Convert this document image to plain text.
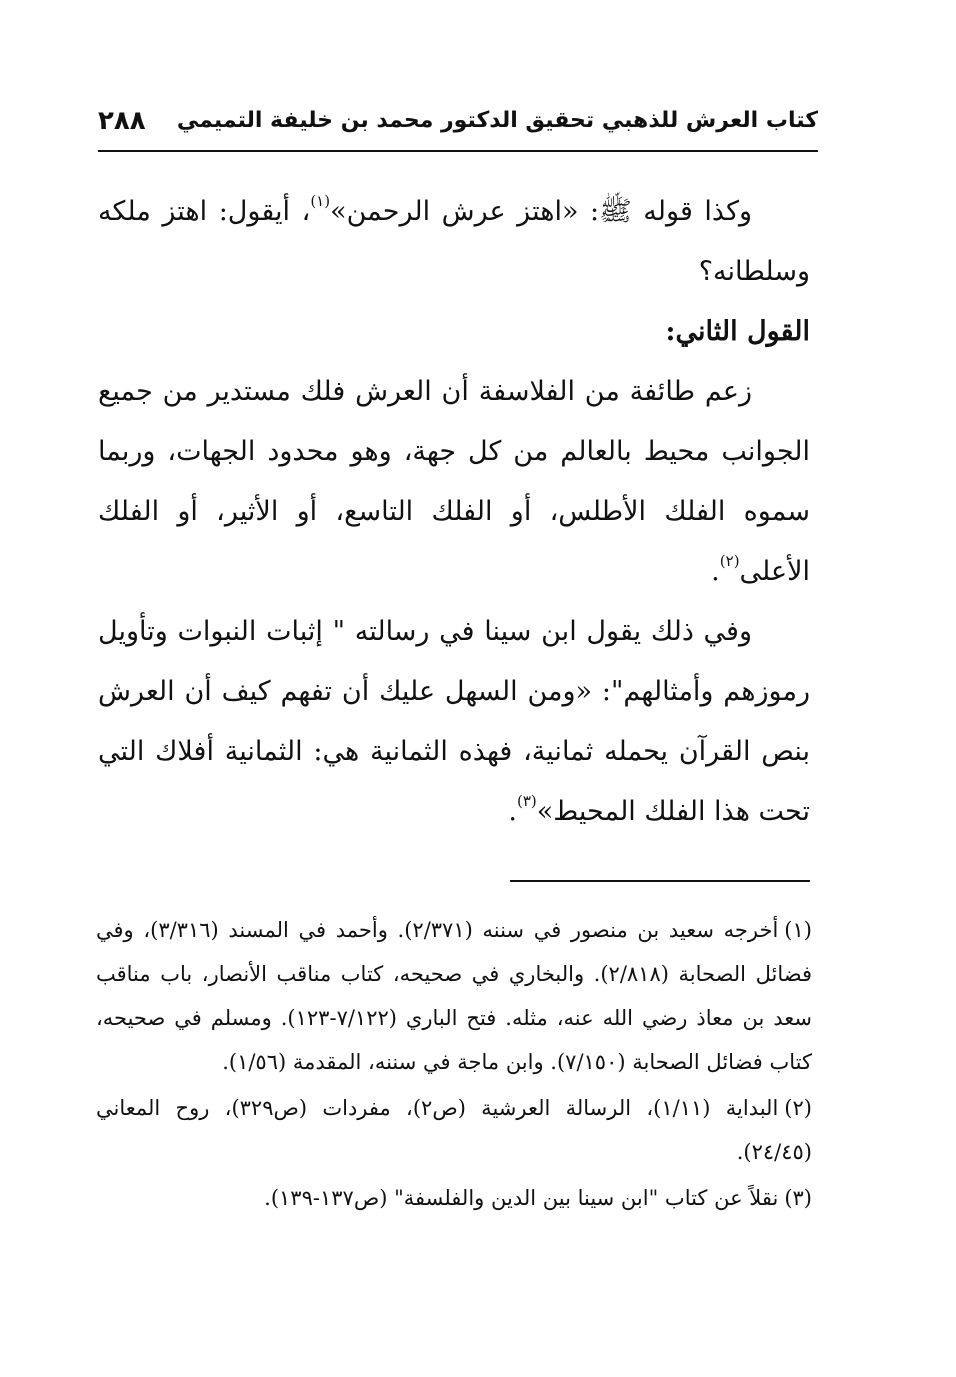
كتاب العرش للذهبي تحقيق الدكتور محمد بن خليفة التميمي
٢٨٨

وكذا قوله ﷺ: «اهتز عرش الرحمن»$^{(١)}$، أيقول: اهتز ملكه وسلطانه؟

القول الثاني:

زعم طائفة من الفلاسفة أن العرش فلك مستدير من جميع الجوانب محيط بالعالم من كل جهة، وهو محدود الجهات، وربما سموه الفلك الأطلس، أو الفلك التاسع، أو الأثير، أو الفلك الأعلى$^{(٢)}$.

وفي ذلك يقول ابن سينا في رسالته " إثبات النبوات وتأويل رموزهم وأمثالهم": «ومن السهل عليك أن تفهم كيف أن العرش بنص القرآن يحمله ثمانية، فهذه الثمانية هي: الثمانية أفلاك التي تحت هذا الفلك المحيط»$^{(٣)}$.

(١)أخرجه سعيد بن منصور في سننه (٢/٣٧١). وأحمد في المسند (٣/٣١٦)، وفي فضائل الصحابة (٢/٨١٨). والبخاري في صحيحه، كتاب مناقب الأنصار، باب مناقب سعد بن معاذ رضي الله عنه، مثله. فتح الباري (٧/١٢٢-١٢٣). ومسلم في صحيحه، كتاب فضائل الصحابة (٧/١٥٠). وابن ماجة في سننه، المقدمة (١/٥٦).

(٢)البداية (١/١١)، الرسالة العرشية (ص٢)، مفردات (ص٣٢٩)، روح المعاني (٢٤/٤٥).

(٣)نقلاً عن كتاب "ابن سينا بين الدين والفلسفة" (ص١٣٧-١٣٩).
